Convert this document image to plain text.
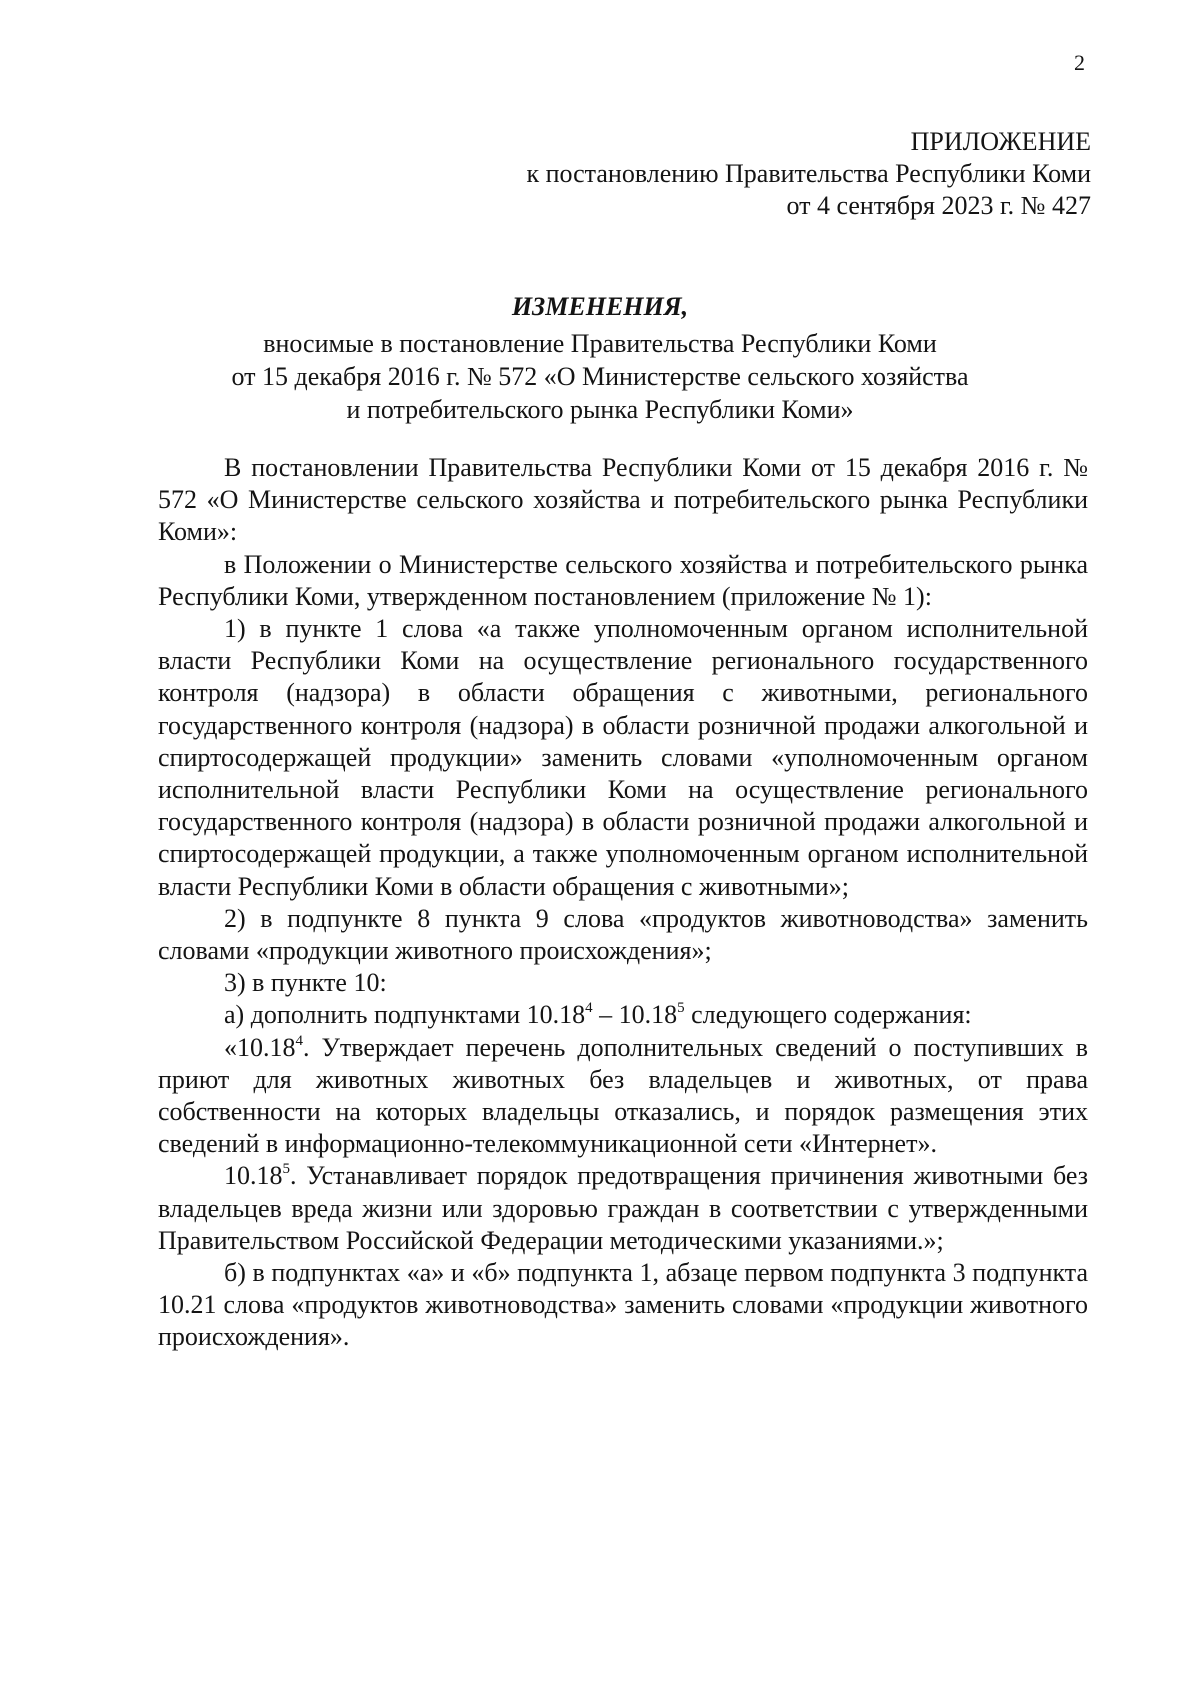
2
ПРИЛОЖЕНИЕ
к постановлению Правительства Республики Коми
от 4 сентября 2023 г. № 427
ИЗМЕНЕНИЯ,
вносимые в постановление Правительства Республики Коми
от 15 декабря 2016 г. № 572 «О Министерстве сельского хозяйства
и потребительского рынка Республики Коми»

В постановлении Правительства Республики Коми от 15 декабря 2016 г. № 572 «О Министерстве сельского хозяйства и потребительского рынка Республики Коми»:

в Положении о Министерстве сельского хозяйства и потребительского рынка Республики Коми, утвержденном постановлением (приложение № 1):

1) в пункте 1 слова «а также уполномоченным органом исполнительной власти Республики Коми на осуществление регионального государственного контроля (надзора) в области обращения с животными, регионального государственного контроля (надзора) в области розничной продажи алкогольной и спиртосодержащей продукции» заменить словами «уполномоченным органом исполнительной власти Республики Коми на осуществление регионального государственного контроля (надзора) в области розничной продажи алкогольной и спиртосодержащей продукции, а также уполномоченным органом исполнительной власти Республики Коми в области обращения с животными»;

2) в подпункте 8 пункта 9 слова «продуктов животноводства» заменить словами «продукции животного происхождения»;

3) в пункте 10:

а) дополнить подпунктами 10.18$^4$ – 10.18$^5$ следующего содержания:

«10.18$^4$. Утверждает перечень дополнительных сведений о поступивших в приют для животных животных без владельцев и животных, от права собственности на которых владельцы отказались, и порядок размещения этих сведений в информационно-телекоммуникационной сети «Интернет».

10.18$^5$. Устанавливает порядок предотвращения причинения животными без владельцев вреда жизни или здоровью граждан в соответствии с утвержденными Правительством Российской Федерации методическими указаниями.»;

б) в подпунктах «а» и «б» подпункта 1, абзаце первом подпункта 3 подпункта 10.21 слова «продуктов животноводства» заменить словами «продукции животного происхождения».
